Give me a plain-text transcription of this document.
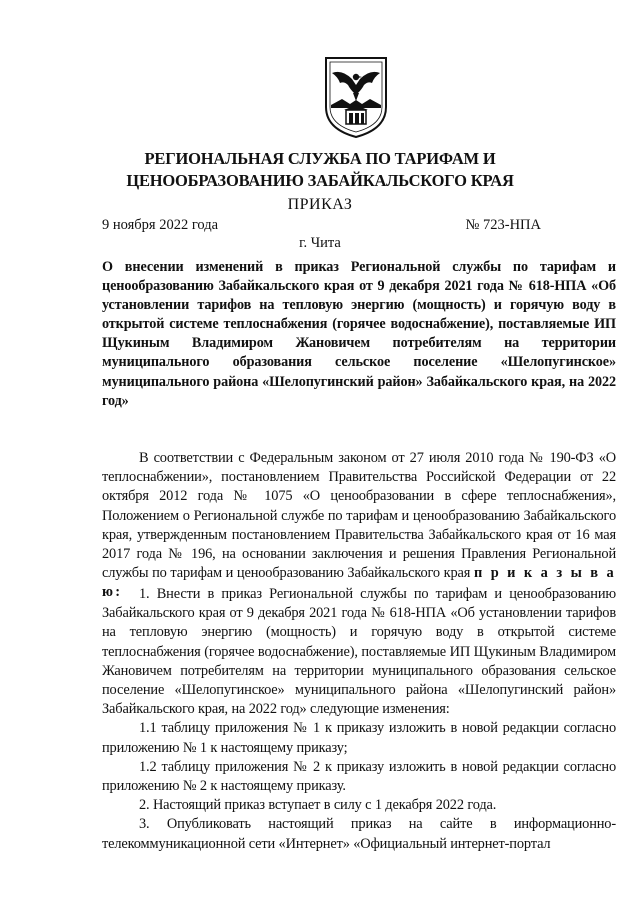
РЕГИОНАЛЬНАЯ СЛУЖБА ПО ТАРИФАМ И
ЦЕНООБРАЗОВАНИЮ ЗАБАЙКАЛЬСКОГО КРАЯ
ПРИКАЗ
9 ноября 2022 года	№ 723-НПА
г. Чита
О внесении изменений в приказ Региональной службы по тарифам и ценообразованию Забайкальского края от 9 декабря 2021 года № 618-НПА «Об установлении тарифов на тепловую энергию (мощность) и горячую воду в открытой системе теплоснабжения (горячее водоснабжение), поставляемые ИП Щукиным Владимиром Жановичем потребителям на территории муниципального образования сельское поселение «Шелопугинское» муниципального района «Шелопугинский район» Забайкальского края, на 2022 год»
В соответствии с Федеральным законом от 27 июля 2010 года № 190-ФЗ «О теплоснабжении», постановлением Правительства Российской Федерации от 22 октября 2012 года № 1075 «О ценообразовании в сфере теплоснабжения», Положением о Региональной службе по тарифам и ценообразованию Забайкальского края, утвержденным постановлением Правительства Забайкальского края от 16 мая 2017 года № 196, на основании заключения и решения Правления Региональной службы по тарифам и ценообразованию Забайкальского края п р и к а з ы в а ю:	1. Внести в приказ Региональной службы по тарифам и ценообразованию Забайкальского края от 9 декабря 2021 года № 618-НПА «Об установлении тарифов на тепловую энергию (мощность) и горячую воду в открытой системе теплоснабжения (горячее водоснабжение), поставляемые ИП Щукиным Владимиром Жановичем потребителям на территории муниципального образования сельское поселение «Шелопугинское» муниципального района «Шелопугинский район» Забайкальского края, на 2022 год» следующие изменения:

1.1 таблицу приложения № 1 к приказу изложить в новой редакции согласно приложению № 1 к настоящему приказу;

1.2 таблицу приложения № 2 к приказу изложить в новой редакции согласно приложению № 2 к настоящему приказу.

2. Настоящий приказ вступает в силу с 1 декабря 2022 года.

3. Опубликовать настоящий приказ на сайте в информационно-телекоммуникационной сети «Интернет» «Официальный интернет-портал
